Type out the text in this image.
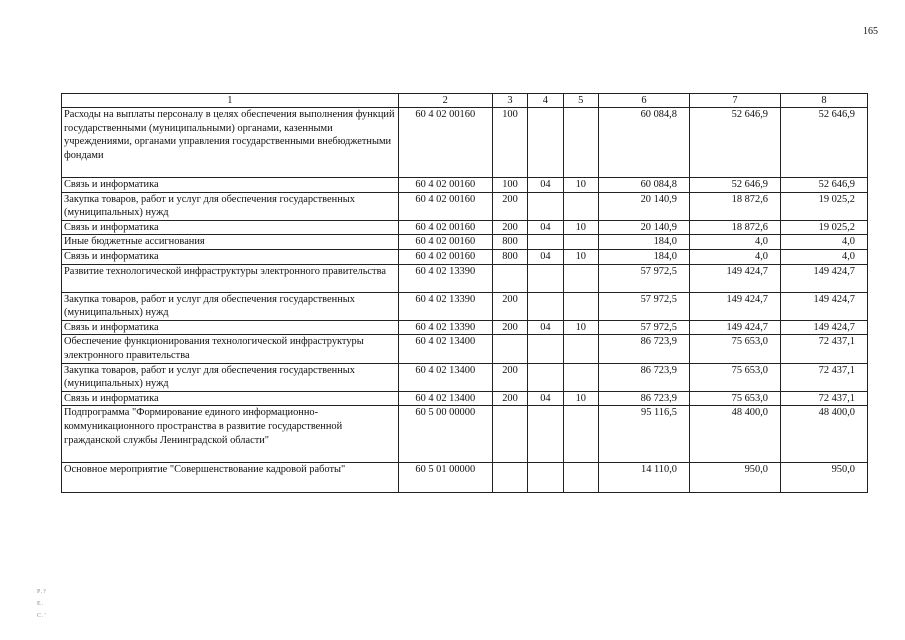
165
1	2	3	4	5	6	7	8
Расходы на выплаты персоналу в целях обеспечения выполнения функций государственными (муниципальными) органами, казенными учреждениями, органами управления государственными внебюджетными фондами	60 4 02 00160	100			60 084,8	52 646,9	52 646,9
Связь и информатика	60 4 02 00160	100	04	10	60 084,8	52 646,9	52 646,9
Закупка товаров, работ и услуг для обеспечения государственных (муниципальных) нужд	60 4 02 00160	200			20 140,9	18 872,6	19 025,2
Связь и информатика	60 4 02 00160	200	04	10	20 140,9	18 872,6	19 025,2
Иные бюджетные ассигнования	60 4 02 00160	800			184,0	4,0	4,0
Связь и информатика	60 4 02 00160	800	04	10	184,0	4,0	4,0
Развитие технологической инфраструктуры электронного правительства	60 4 02 13390				57 972,5	149 424,7	149 424,7
Закупка товаров, работ и услуг для обеспечения государственных (муниципальных) нужд	60 4 02 13390	200			57 972,5	149 424,7	149 424,7
Связь и информатика	60 4 02 13390	200	04	10	57 972,5	149 424,7	149 424,7
Обеспечение функционирования технологической инфраструктуры электронного правительства	60 4 02 13400				86 723,9	75 653,0	72 437,1
Закупка товаров, работ и услуг для обеспечения государственных (муниципальных) нужд	60 4 02 13400	200			86 723,9	75 653,0	72 437,1
Связь и информатика	60 4 02 13400	200	04	10	86 723,9	75 653,0	72 437,1
Подпрограмма "Формирование единого информационно-коммуникационного пространства в развитие государственной гражданской службы Ленинградской области"	60 5 00 00000				95 116,5	48 400,0	48 400,0
Основное мероприятие "Совершенствование кадровой работы"	60 5 01 00000				14 110,0	950,0	950,0
Р.?
Е.
С.'
